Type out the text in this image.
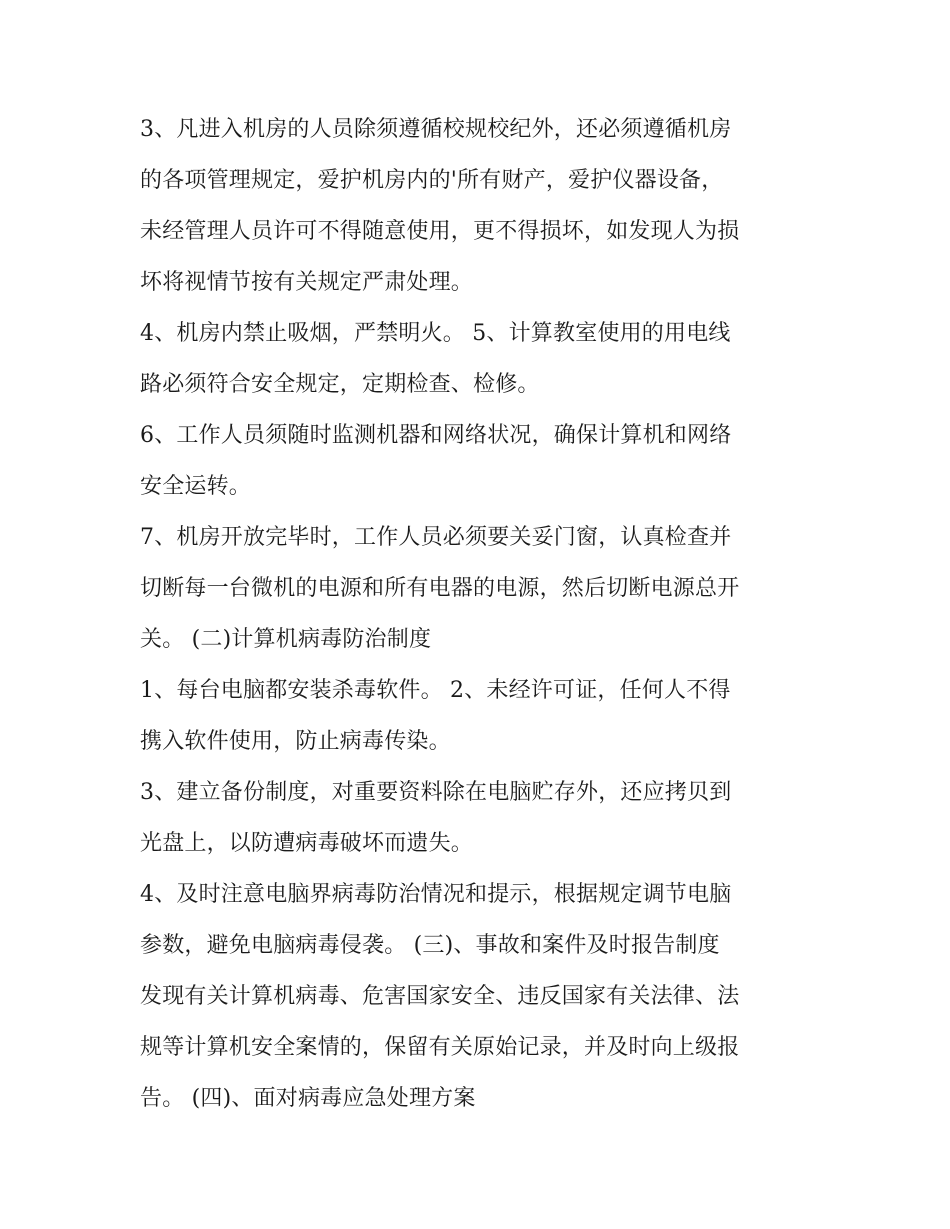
3、凡进入机房的人员除须遵循校规校纪外，还必须遵循机房
的各项管理规定，爱护机房内的'所有财产，爱护仪器设备，
未经管理人员许可不得随意使用，更不得损坏，如发现人为损
坏将视情节按有关规定严肃处理。
4、机房内禁止吸烟，严禁明火。 5、计算教室使用的用电线
路必须符合安全规定，定期检查、检修。
6、工作人员须随时监测机器和网络状况，确保计算机和网络
安全运转。
7、机房开放完毕时，工作人员必须要关妥门窗，认真检查并
切断每一台微机的电源和所有电器的电源，然后切断电源总开
关。 (二)计算机病毒防治制度
1、每台电脑都安装杀毒软件。 2、未经许可证，任何人不得
携入软件使用，防止病毒传染。
3、建立备份制度，对重要资料除在电脑贮存外，还应拷贝到
光盘上，以防遭病毒破坏而遗失。
4、及时注意电脑界病毒防治情况和提示，根据规定调节电脑
参数，避免电脑病毒侵袭。 (三)、事故和案件及时报告制度
发现有关计算机病毒、危害国家安全、违反国家有关法律、法
规等计算机安全案情的，保留有关原始记录，并及时向上级报
告。 (四)、面对病毒应急处理方案
